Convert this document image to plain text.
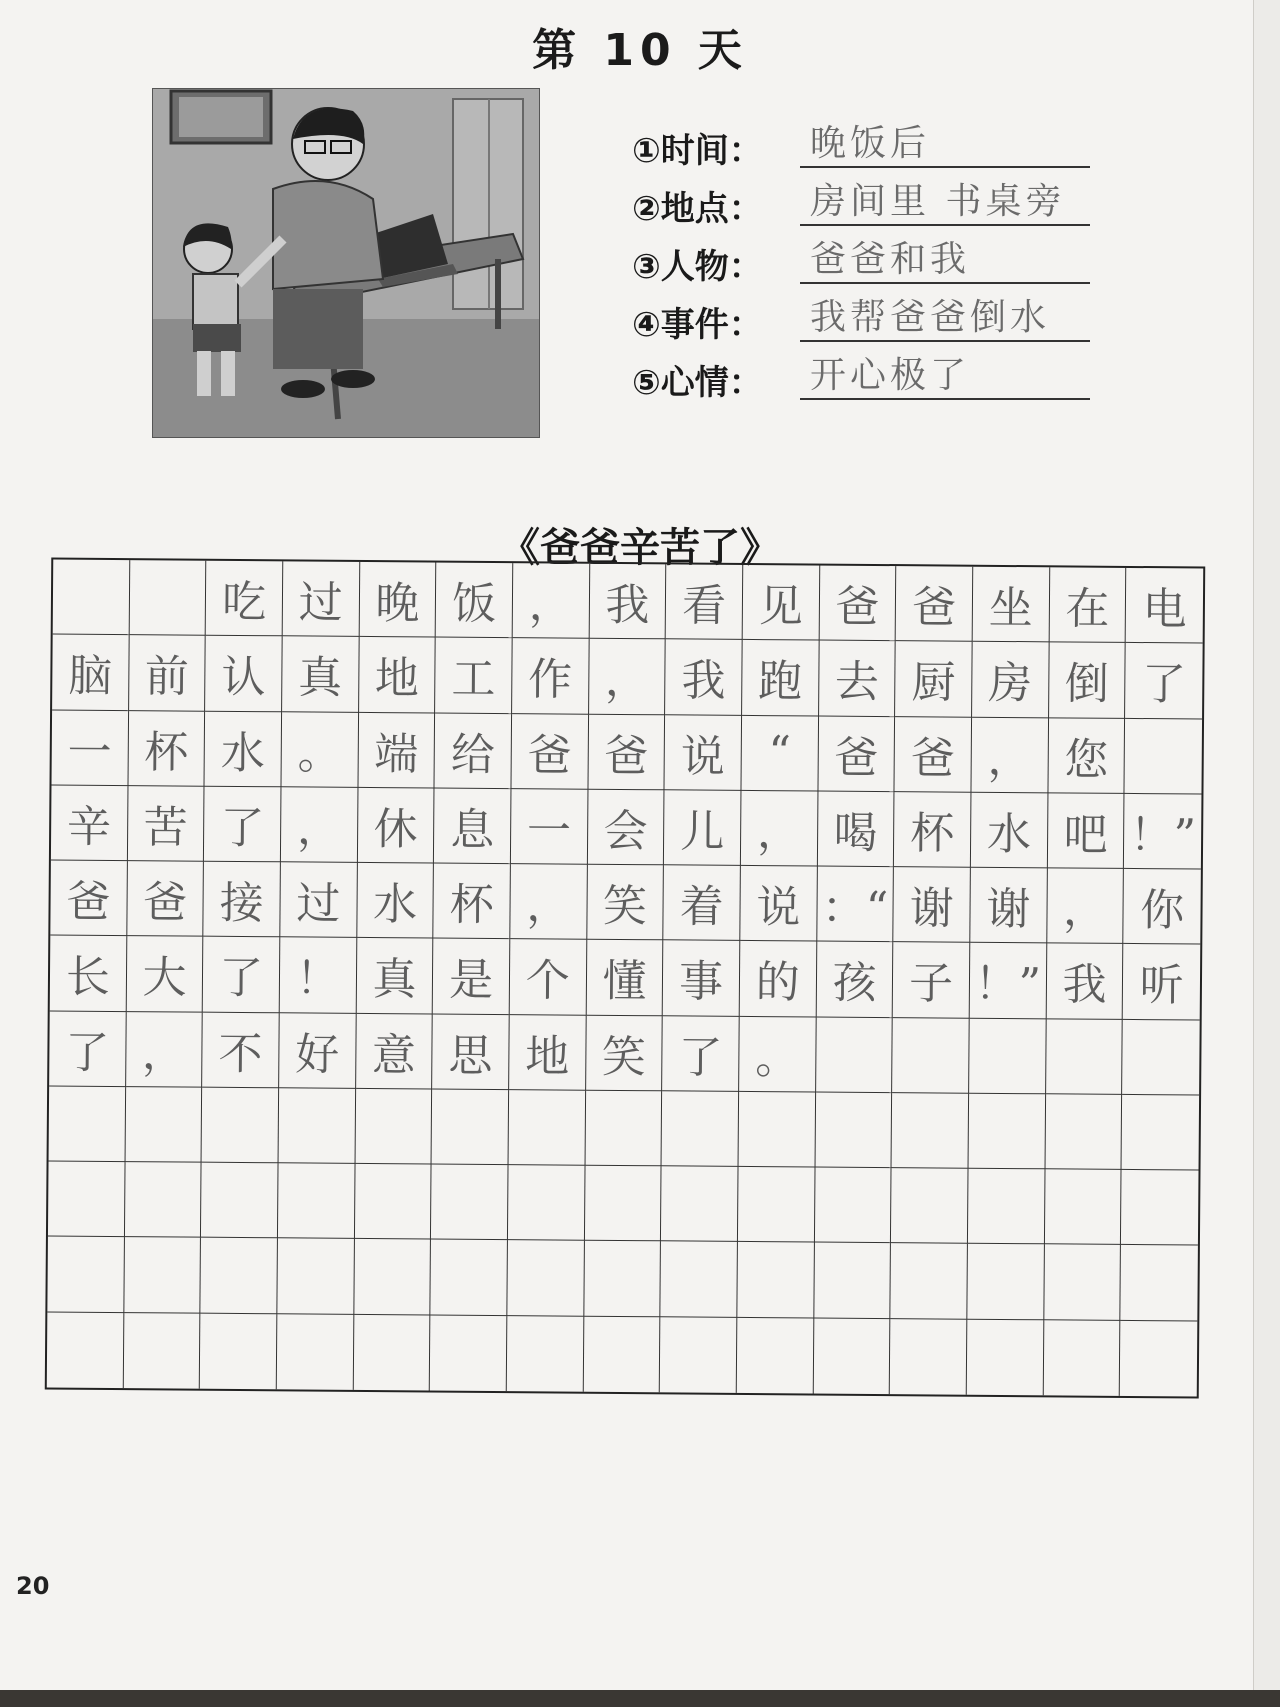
第 10 天
①时间：	晚饭后
②地点：	房间里 书桌旁
③人物：	爸爸和我
④事件：	我帮爸爸倒水
⑤心情：	开心极了
《爸爸辛苦了》
吃 过 晚 饭 ， 我 看 见 爸 爸 坐 在 电
脑 前 认 真 地 工 作 ， 我 跑 去 厨 房 倒 了
一 杯 水 。 端 给 爸 爸 说 “ 爸 爸 ， 您
辛 苦 了 ， 休 息 一 会 儿 ， 喝 杯 水 吧 ！”
爸 爸 接 过 水 杯 ， 笑 着 说 ：“ 谢 谢 ， 你
长 大 了 ！ 真 是 个 懂 事 的 孩 子 ！” 我 听
了 ， 不 好 意 思 地 笑 了 。
20
